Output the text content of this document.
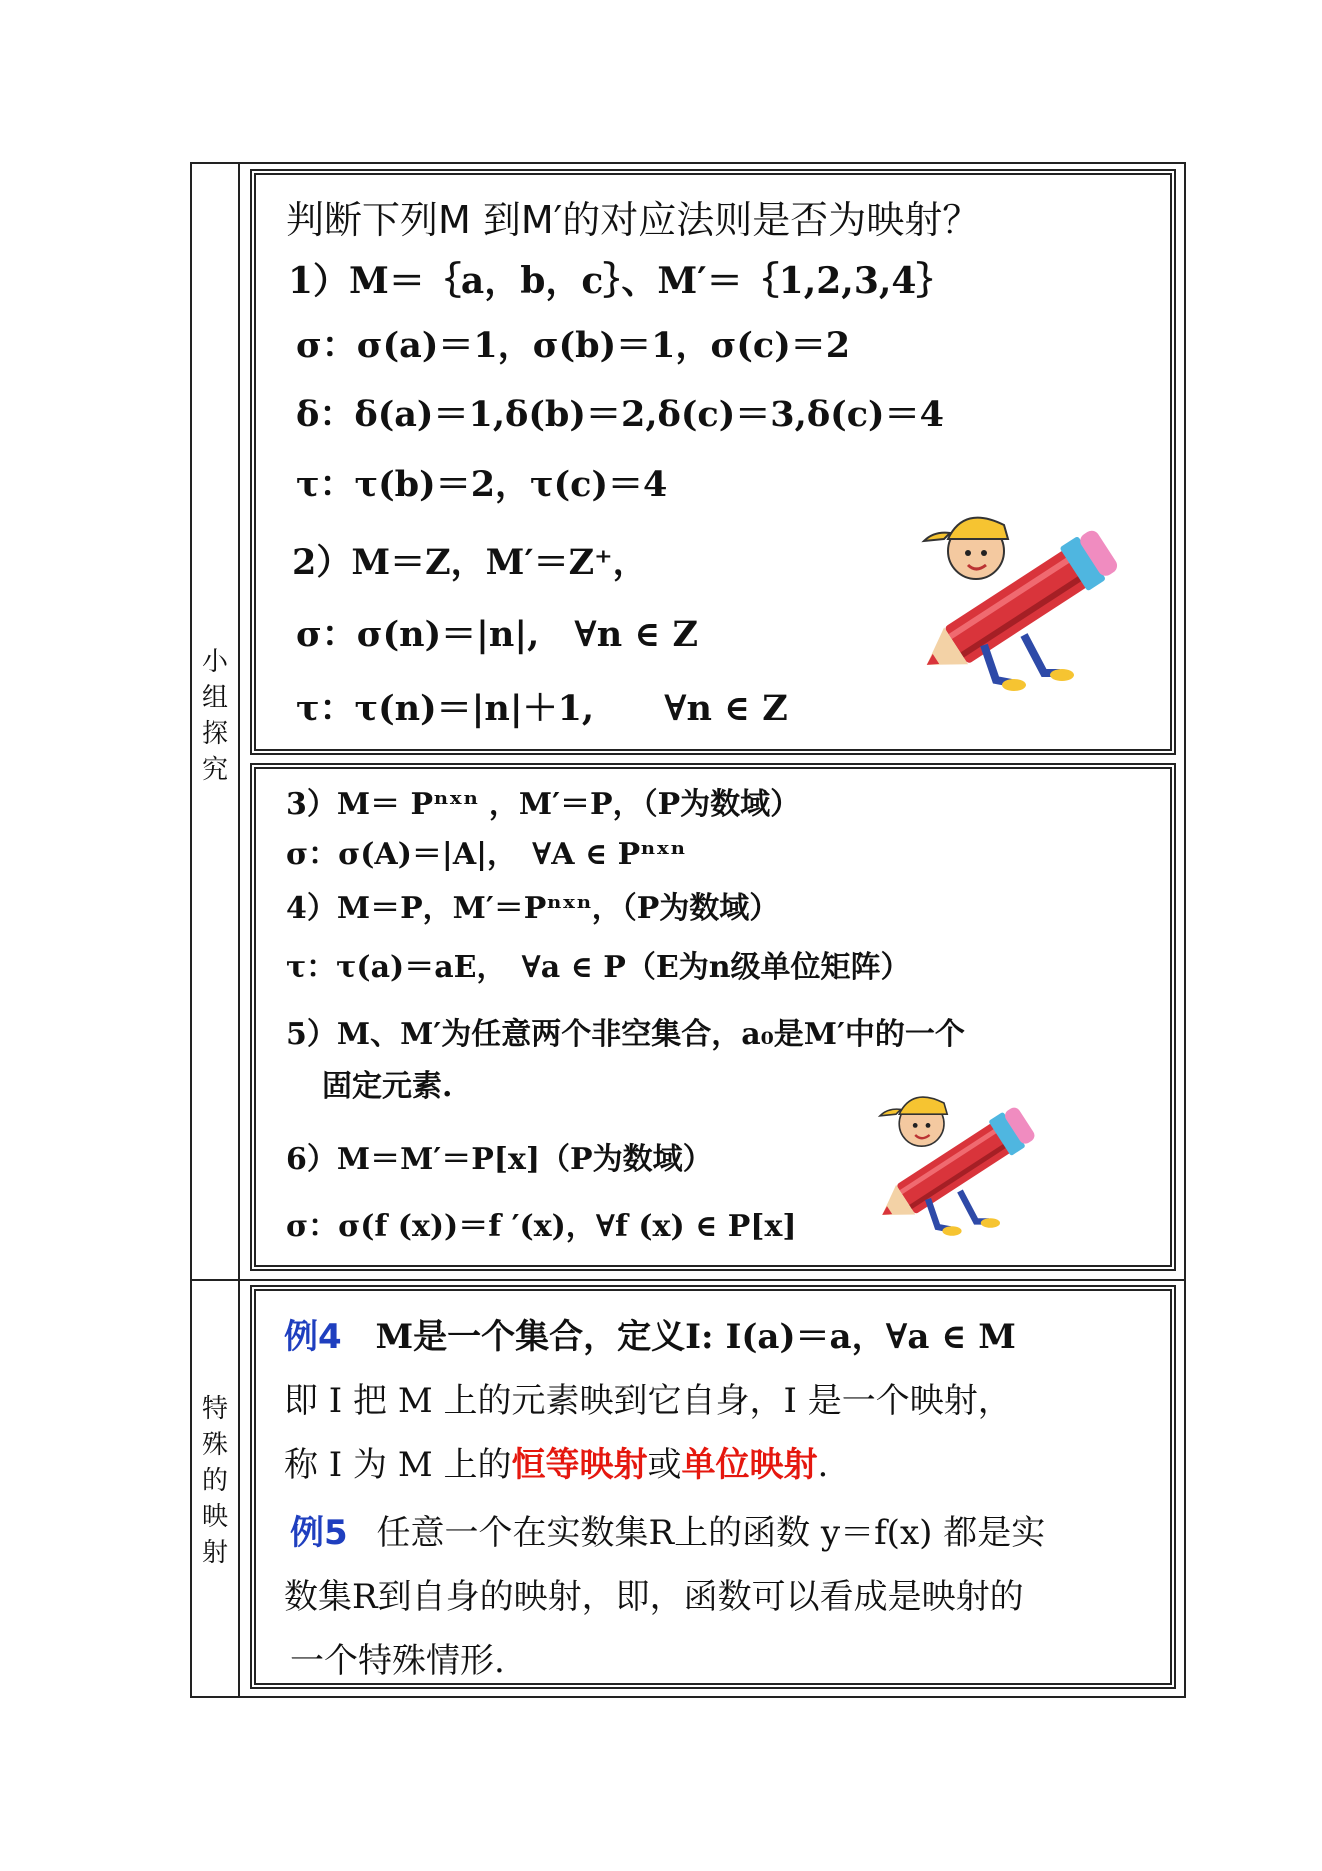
小
组
探
究
判断下列M 到M′的对应法则是否为映射？
1）M＝｛a，b，c｝、M′＝｛1,2,3,4｝
σ：σ(a)＝1，σ(b)＝1，σ(c)＝2
δ：δ(a)＝1,δ(b)＝2,δ(c)＝3,δ(c)＝4
τ：τ(b)＝2，τ(c)＝4
2）M＝Z，M′＝Z⁺，
σ：σ(n)＝|n|,　∀n ∈ Z
τ：τ(n)＝|n|＋1,　　∀n ∈ Z
3）M＝ Pⁿˣⁿ ，M′＝P，（P为数域）
σ：σ(A)＝|A|，　∀A ∈ Pⁿˣⁿ
4）M＝P，M′＝Pⁿˣⁿ，（P为数域）
τ：τ(a)＝aE，　∀a ∈ P（E为n级单位矩阵）
5）M、M′为任意两个非空集合，a₀是M′中的一个
固定元素.
6）M＝M′＝P[x]（P为数域）
σ：σ(f (x))＝f ′(x)，∀f (x) ∈ P[x]
特
殊
的
映
射
例4 M是一个集合，定义I: I(a)＝a，∀a ∈ M
即 I 把 M 上的元素映到它自身，I 是一个映射，
称 I 为 M 上的恒等映射或单位映射.
例5 任意一个在实数集R上的函数 y＝f(x) 都是实
数集R到自身的映射，即，函数可以看成是映射的
一个特殊情形.
